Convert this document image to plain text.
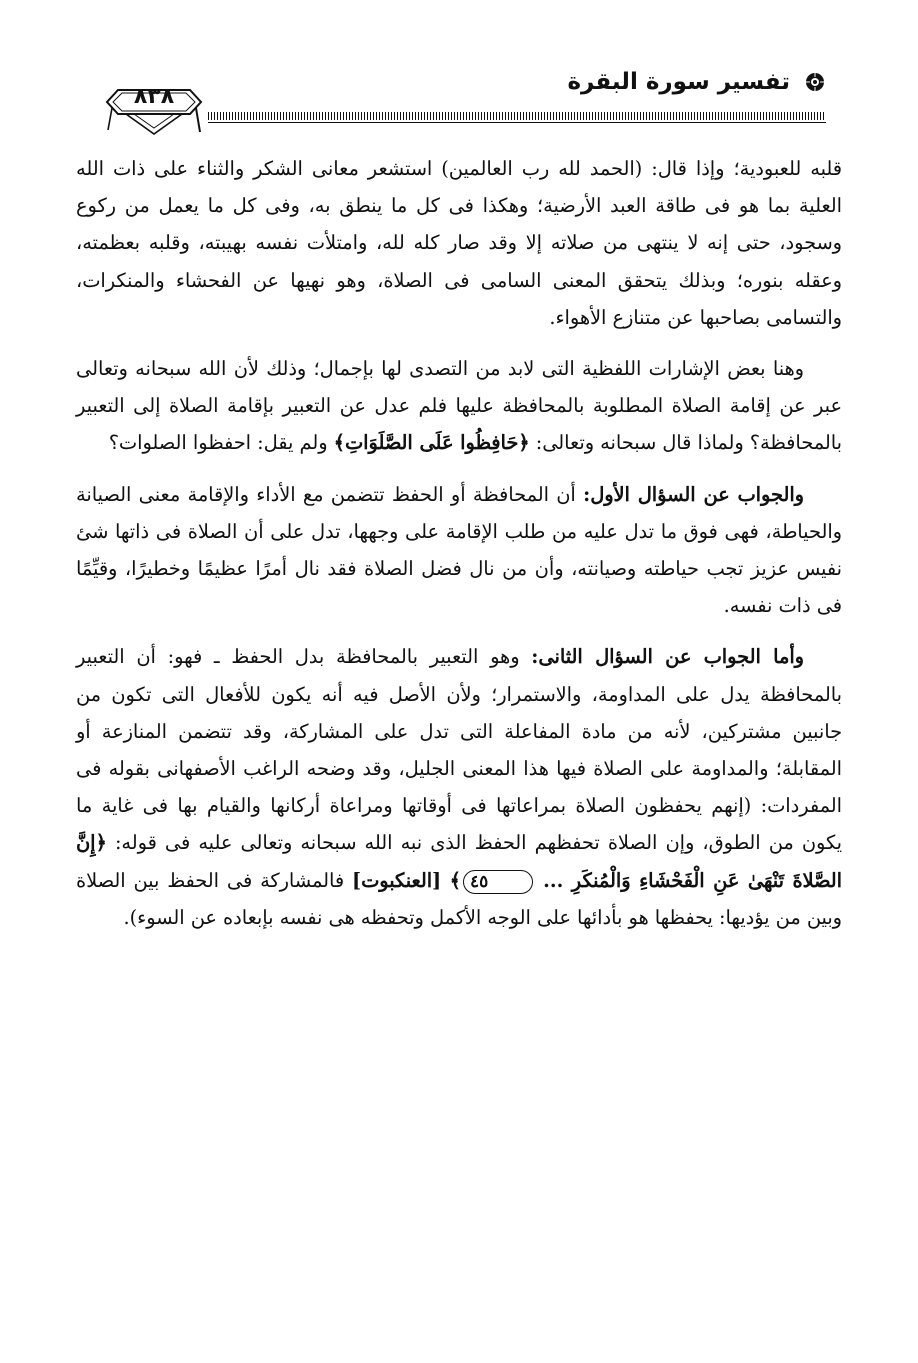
تفسير سورة البقرة
٨٣٨

قلبه للعبودية؛ وإذا قال: (الحمد لله رب العالمين) استشعر معانى الشكر والثناء على ذات الله العلية بما هو فى طاقة العبد الأرضية؛ وهكذا فى كل ما ينطق به، وفى كل ما يعمل من ركوع وسجود، حتى إنه لا ينتهى من صلاته إلا وقد صار كله لله، وامتلأت نفسه بهيبته، وقلبه بعظمته، وعقله بنوره؛ وبذلك يتحقق المعنى السامى فى الصلاة، وهو نهيها عن الفحشاء والمنكرات، والتسامى بصاحبها عن متنازع الأهواء.

وهنا بعض الإشارات اللفظية التى لابد من التصدى لها بإجمال؛ وذلك لأن الله سبحانه وتعالى عبر عن إقامة الصلاة المطلوبة بالمحافظة عليها فلم عدل عن التعبير بإقامة الصلاة إلى التعبير بالمحافظة؟ ولماذا قال سبحانه وتعالى: ﴿حَافِظُوا عَلَى الصَّلَوَاتِ﴾ ولم يقل: احفظوا الصلوات؟

والجواب عن السؤال الأول: أن المحافظة أو الحفظ تتضمن مع الأداء والإقامة معنى الصيانة والحياطة، فهى فوق ما تدل عليه من طلب الإقامة على وجهها، تدل على أن الصلاة فى ذاتها شئ نفيس عزيز تجب حياطته وصيانته، وأن من نال فضل الصلاة فقد نال أمرًا عظيمًا وخطيرًا، وقيِّمًا فى ذات نفسه.

وأما الجواب عن السؤال الثانى: وهو التعبير بالمحافظة بدل الحفظ ـ فهو: أن التعبير بالمحافظة يدل على المداومة، والاستمرار؛ ولأن الأصل فيه أنه يكون للأفعال التى تكون من جانبين مشتركين، لأنه من مادة المفاعلة التى تدل على المشاركة، وقد تتضمن المنازعة أو المقابلة؛ والمداومة على الصلاة فيها هذا المعنى الجليل، وقد وضحه الراغب الأصفهانى بقوله فى المفردات: (إنهم يحفظون الصلاة بمراعاتها فى أوقاتها ومراعاة أركانها والقيام بها فى غاية ما يكون من الطوق، وإن الصلاة تحفظهم الحفظ الذى نبه الله سبحانه وتعالى عليه فى قوله: ﴿إِنَّ الصَّلاةَ تَنْهَىٰ عَنِ الْفَحْشَاءِ وَالْمُنكَرِ ... ٤٥﴾ [العنكبوت] فالمشاركة فى الحفظ بين الصلاة وبين من يؤديها: يحفظها هو بأدائها على الوجه الأكمل وتحفظه هى نفسه بإبعاده عن السوء).
